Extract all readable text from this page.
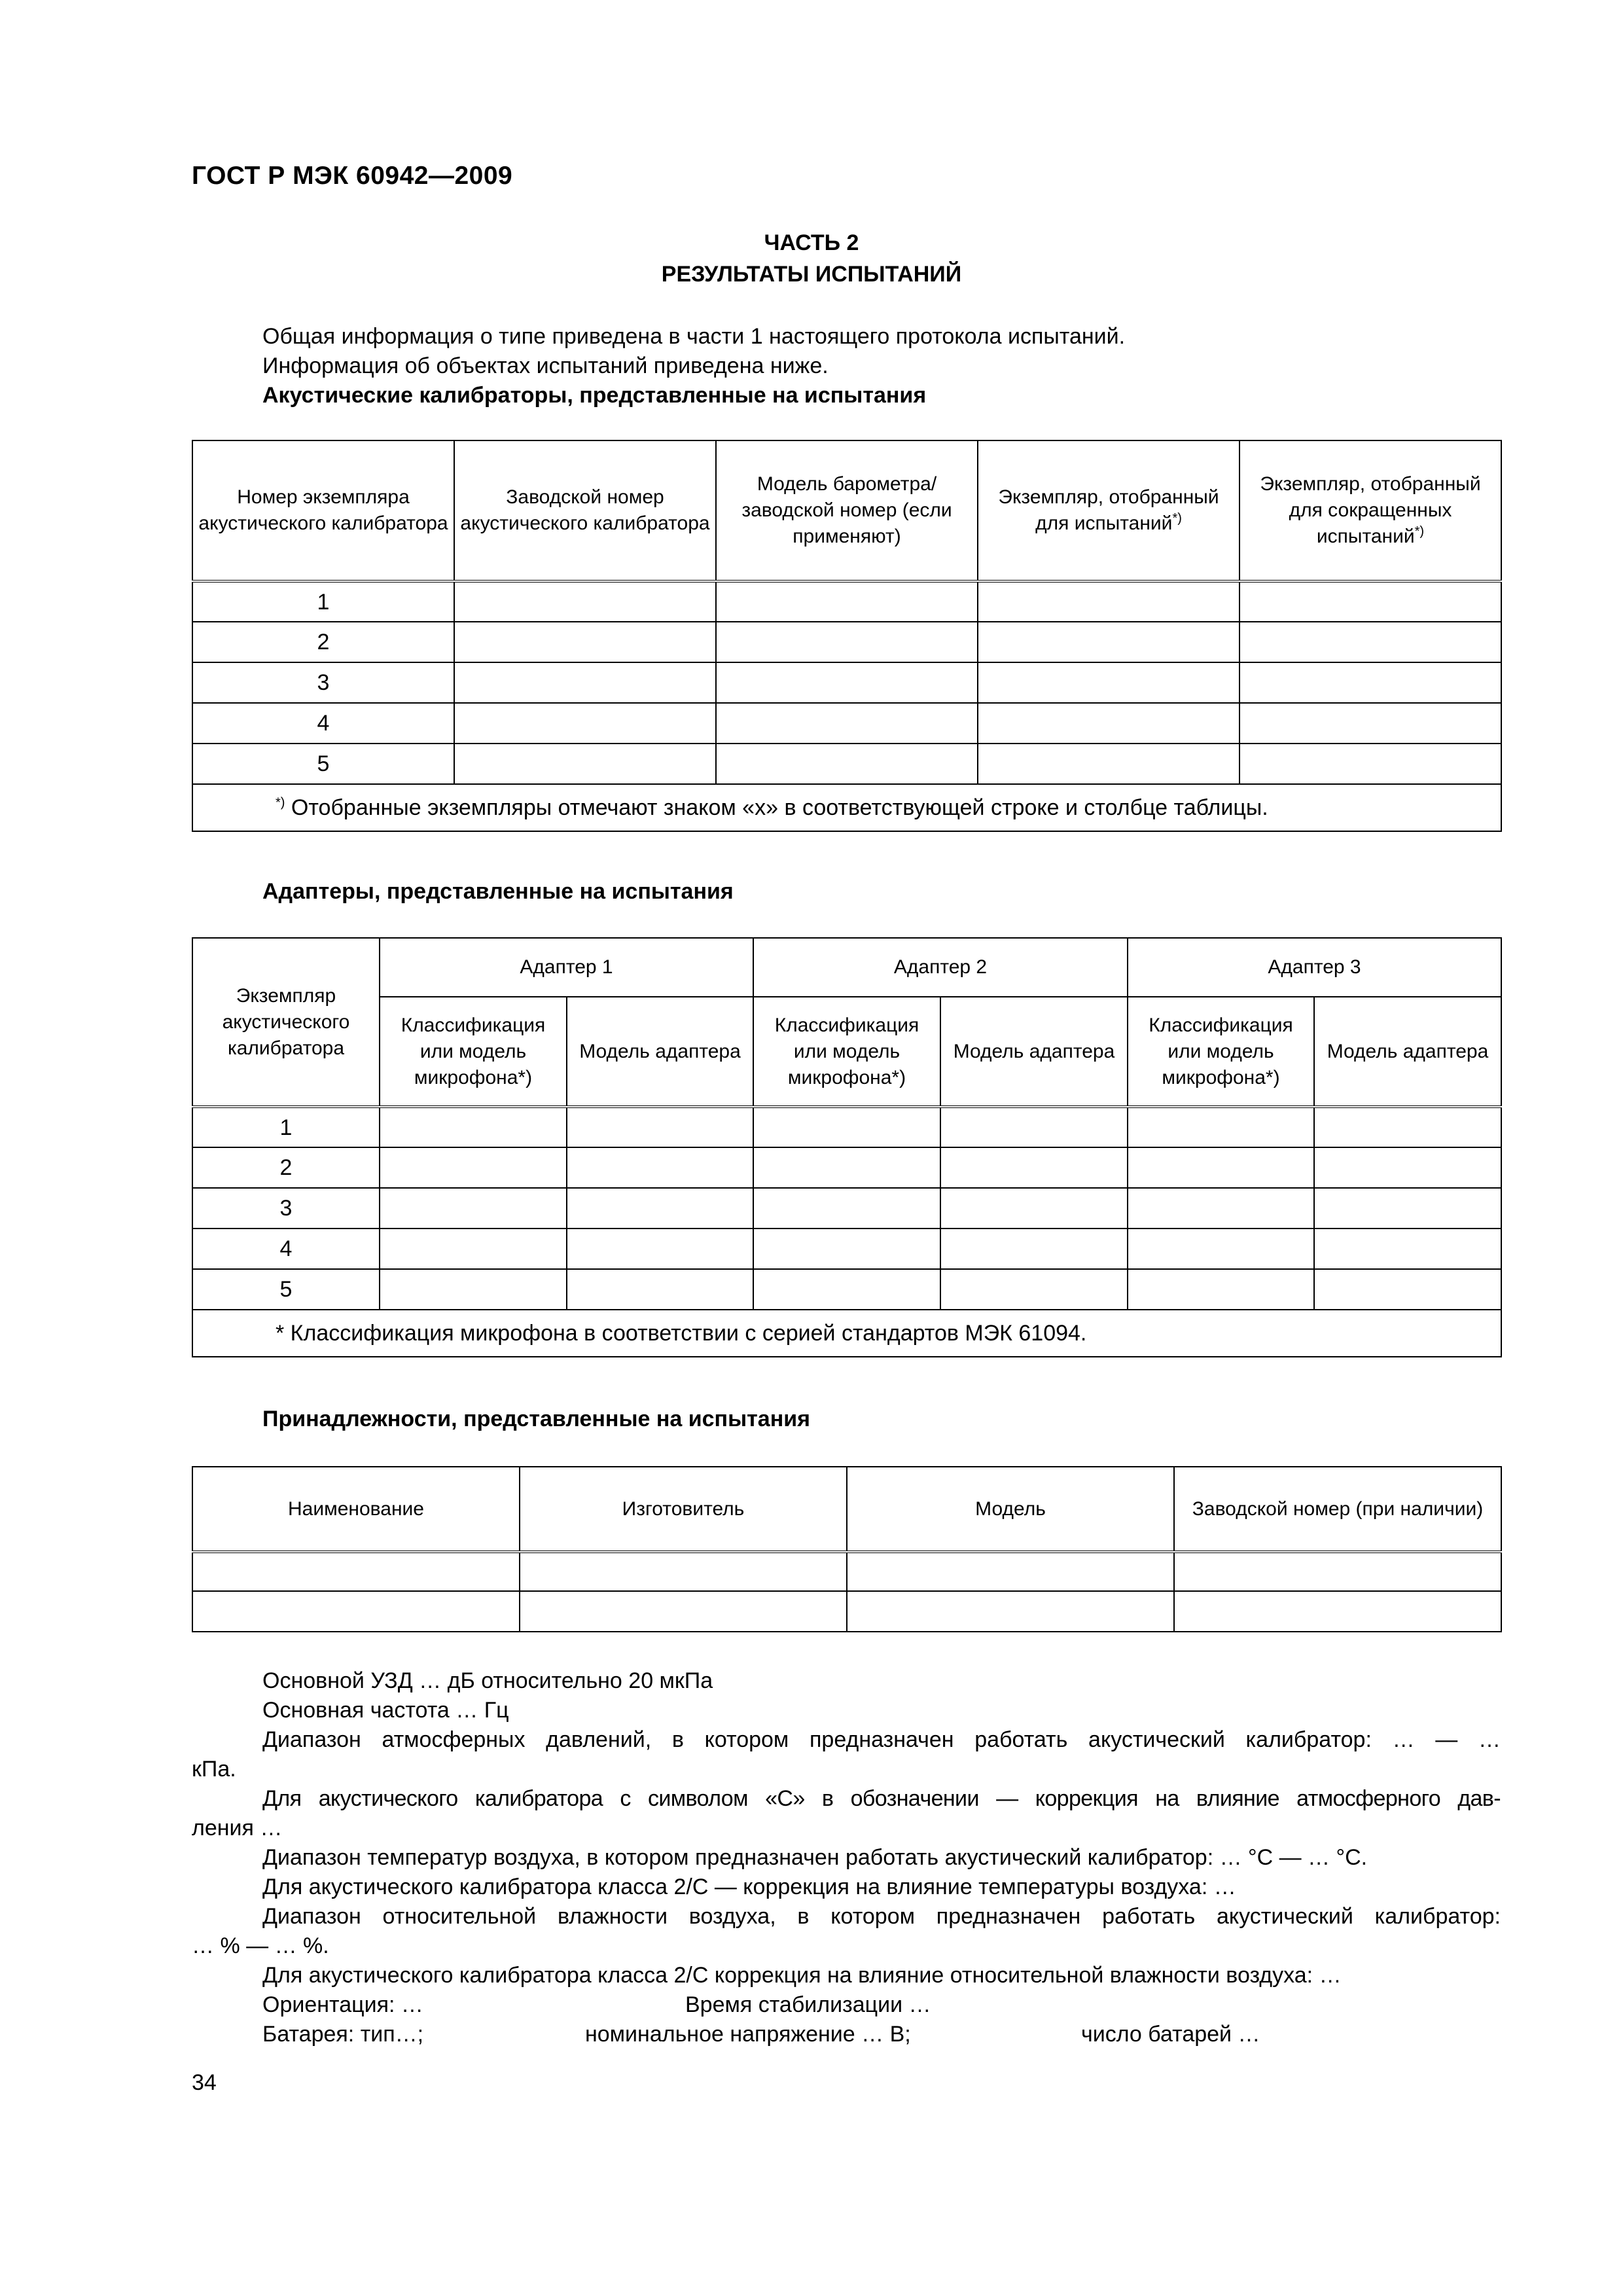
ГОСТ Р МЭК 60942—2009
ЧАСТЬ 2
РЕЗУЛЬТАТЫ ИСПЫТАНИЙ
Общая информация о типе приведена в части 1 настоящего протокола испытаний.
Информация об объектах испытаний приведена ниже.
Акустические калибраторы, представленные на испытания
Номер экземпляра акустического калибратора	Заводской номер акустического калибратора	Модель барометра/заводской номер (если применяют)	Экземпляр, отобранный для испытаний*)	Экземпляр, отобранный для сокращенных испытаний*)
1				
2				
3				
4				
5				
*) Отобранные экземпляры отмечают знаком «х» в соответствующей строке и столбце таблицы.				
Адаптеры, представленные на испытания
Экземпляр акустического калибратора	Адаптер 1		Адаптер 2		Адаптер 3	
	Классификация или модель микрофона*)	Модель адаптера	Классификация или модель микрофона*)	Модель адаптера	Классификация или модель микрофона*)	Модель адаптера
1						
2						
3						
4						
5						
* Классификация микрофона в соответствии с серией стандартов МЭК 61094.						
Принадлежности, представленные на испытания
Наименование	Изготовитель	Модель	Заводской номер (при наличии)

Основной УЗД … дБ относительно 20 мкПа
Основная частота … Гц
Диапазон атмосферных давлений, в котором предназначен работать акустический калибратор: … — …
кПа.
Для акустического калибратора с символом «С» в обозначении — коррекция на влияние атмосферного дав-
ления …
Диапазон температур воздуха, в котором предназначен работать акустический калибратор: … °С — … °С.
Для акустического калибратора класса 2/С — коррекция на влияние температуры воздуха: …
Диапазон относительной влажности воздуха, в котором предназначен работать акустический калибратор:
… % — … %.
Для акустического калибратора класса 2/С коррекция на влияние относительной влажности воздуха: …
Ориентация: …	Время стабилизации …
Батарея: тип…;	номинальное напряжение … В;	число батарей …
34
